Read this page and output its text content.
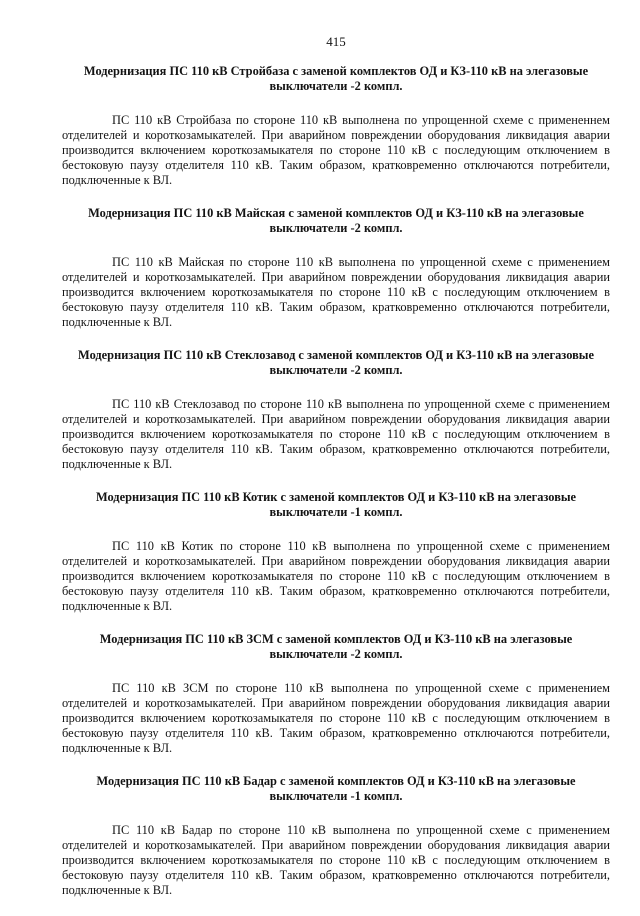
415

Модернизация ПС 110 кВ Стройбаза с заменой комплектов ОД и КЗ-110 кВ на элегазовые выключатели -2 компл.

ПС 110 кВ Стройбаза по стороне 110 кВ выполнена по упрощенной схеме с примененнем отделителей и короткозамыкателей. При аварийном повреждении оборудования ликвидация аварии производится включением короткозамыкателя по стороне 110 кВ с последующим отключением в бестоковую паузу отделителя 110 кВ. Таким образом, кратковременно отключаются потребители, подключенные к ВЛ.

Модернизация ПС 110 кВ Майская с заменой комплектов ОД и КЗ-110 кВ на элегазовые выключатели -2 компл.

ПС 110 кВ Майская по стороне 110 кВ выполнена по упрощенной схеме с применением отделителей и короткозамыкателей. При аварийном повреждении оборудования ликвидация аварии производится включением короткозамыкателя по стороне 110 кВ с последующим отключением в бестоковую паузу отделителя 110 кВ. Таким образом, кратковременно отключаются потребители, подключенные к ВЛ.

Модернизация ПС 110 кВ Стеклозавод с заменой комплектов ОД и КЗ-110 кВ на элегазовые выключатели -2 компл.

ПС 110 кВ Стеклозавод по стороне 110 кВ выполнена по упрощенной схеме с применением отделителей и короткозамыкателей. При аварийном повреждении оборудования ликвидация аварии производится включением короткозамыкателя по стороне 110 кВ с последующим отключением в бестоковую паузу отделителя 110 кВ. Таким образом, кратковременно отключаются потребители, подключенные к ВЛ.

Модернизация ПС 110 кВ Котик с заменой комплектов ОД и КЗ-110 кВ на элегазовые выключатели -1 компл.

ПС 110 кВ Котик по стороне 110 кВ выполнена по упрощенной схеме с применением отделителей и короткозамыкателей. При аварийном повреждении оборудования ликвидация аварии производится включением короткозамыкателя по стороне 110 кВ с последующим отключением в бестоковую паузу отделителя 110 кВ. Таким образом, кратковременно отключаются потребители, подключенные к ВЛ.

Модернизация ПС 110 кВ ЗСМ с заменой комплектов ОД и КЗ-110 кВ на элегазовые выключатели -2 компл.

ПС 110 кВ ЗСМ по стороне 110 кВ выполнена по упрощенной схеме с применением отделителей и короткозамыкателей. При аварийном повреждении оборудования ликвидация аварии производится включением короткозамыкателя по стороне 110 кВ с последующим отключением в бестоковую паузу отделителя 110 кВ. Таким образом, кратковременно отключаются потребители, подключенные к ВЛ.

Модернизация ПС 110 кВ Бадар с заменой комплектов ОД и КЗ-110 кВ на элегазовые выключатели -1 компл.

ПС 110 кВ Бадар по стороне 110 кВ выполнена по упрощенной схеме с применением отделителей и короткозамыкателей. При аварийном повреждении оборудования ликвидация аварии производится включением короткозамыкателя по стороне 110 кВ с последующим отключением в бестоковую паузу отделителя 110 кВ. Таким образом, кратковременно отключаются потребители, подключенные к ВЛ.
